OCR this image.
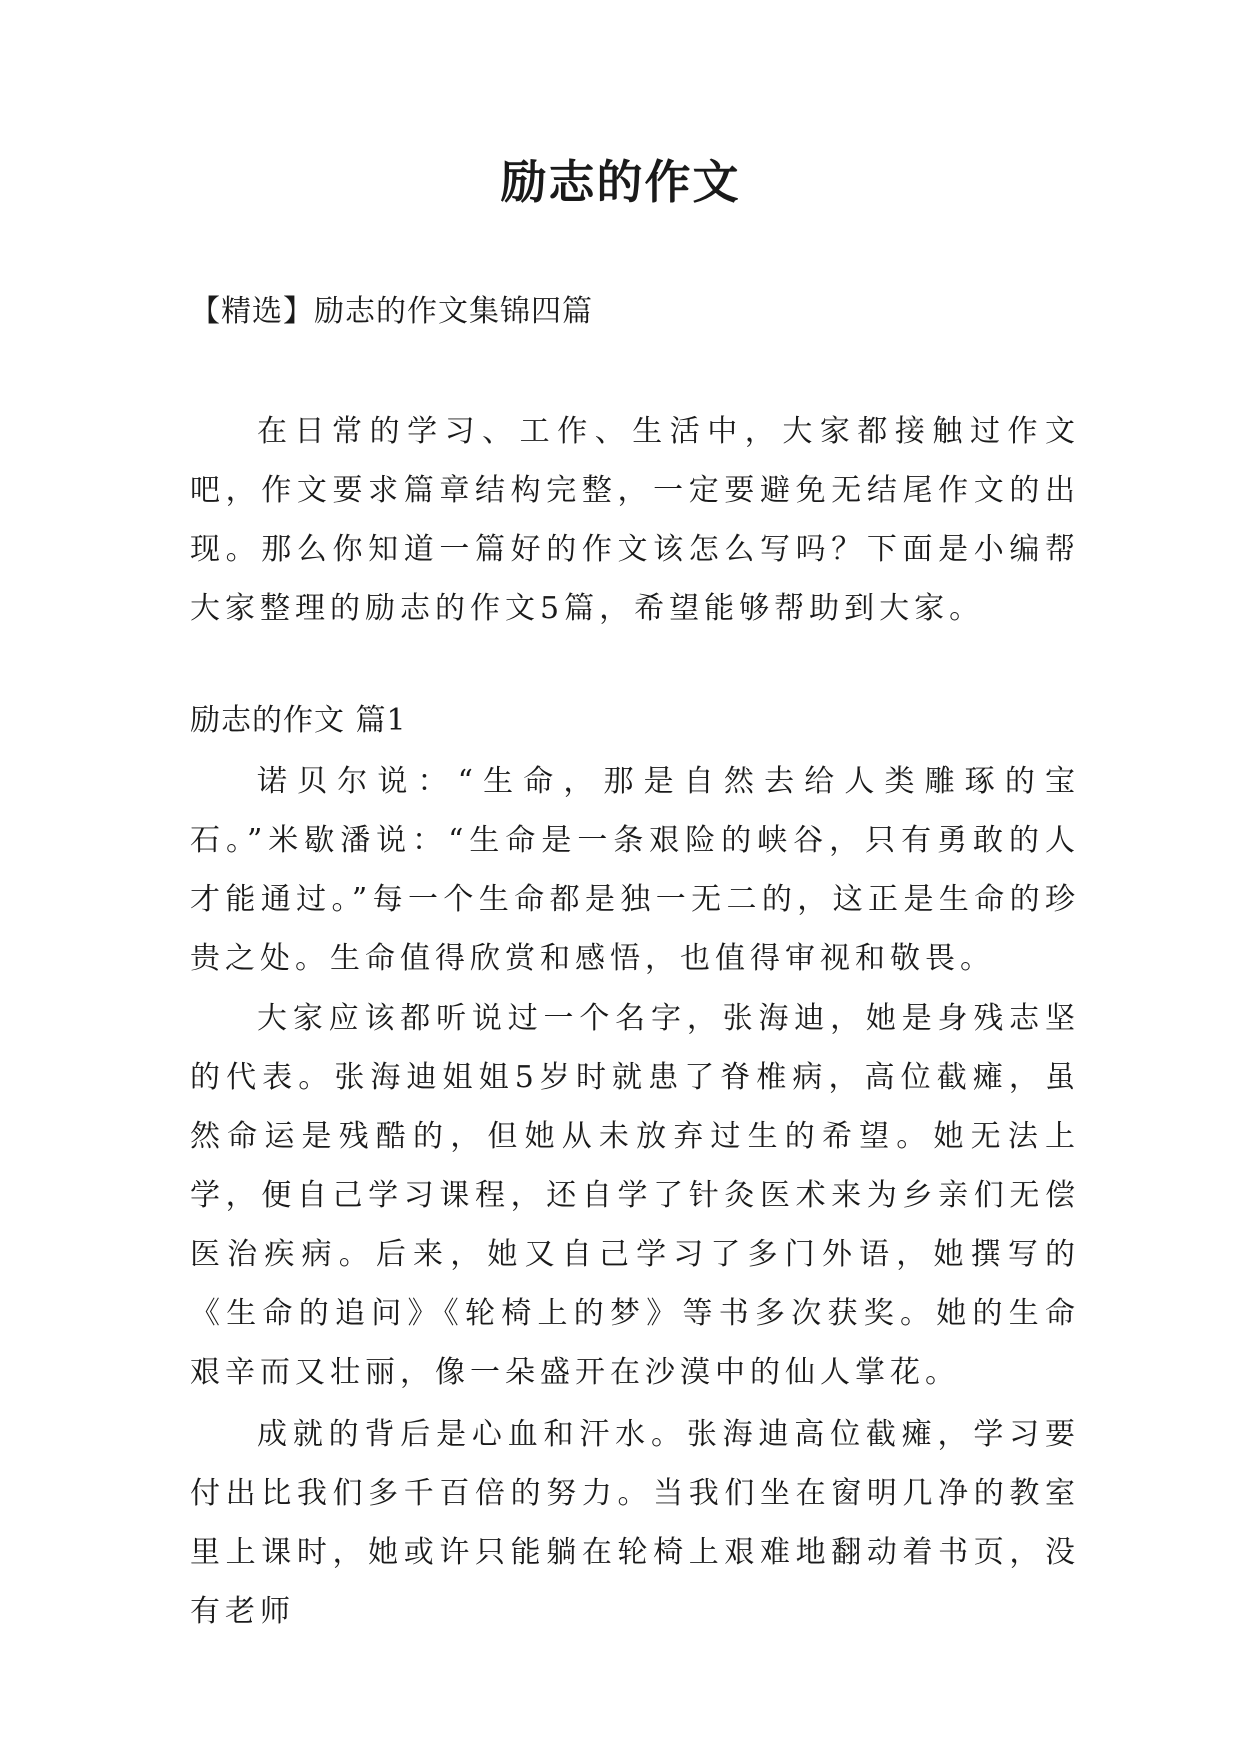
励志的作文
【精选】励志的作文集锦四篇

在日常的学习、工作、生活中，大家都接触过作文吧，作文要求篇章结构完整，一定要避免无结尾作文的出现。那么你知道一篇好的作文该怎么写吗？下面是小编帮大家整理的励志的作文5篇，希望能够帮助到大家。

励志的作文 篇1

诺贝尔说：“生命，那是自然去给人类雕琢的宝石。”米歇潘说：“生命是一条艰险的峡谷，只有勇敢的人才能通过。”每一个生命都是独一无二的，这正是生命的珍贵之处。生命值得欣赏和感悟，也值得审视和敬畏。

大家应该都听说过一个名字，张海迪，她是身残志坚的代表。张海迪姐姐5岁时就患了脊椎病，高位截瘫，虽然命运是残酷的，但她从未放弃过生的希望。她无法上学，便自己学习课程，还自学了针灸医术来为乡亲们无偿医治疾病。后来，她又自己学习了多门外语，她撰写的《生命的追问》《轮椅上的梦》等书多次获奖。她的生命艰辛而又壮丽，像一朵盛开在沙漠中的仙人掌花。

成就的背后是心血和汗水。张海迪高位截瘫，学习要付出比我们多千百倍的努力。当我们坐在窗明几净的教室里上课时，她或许只能躺在轮椅上艰难地翻动着书页，没有老师
